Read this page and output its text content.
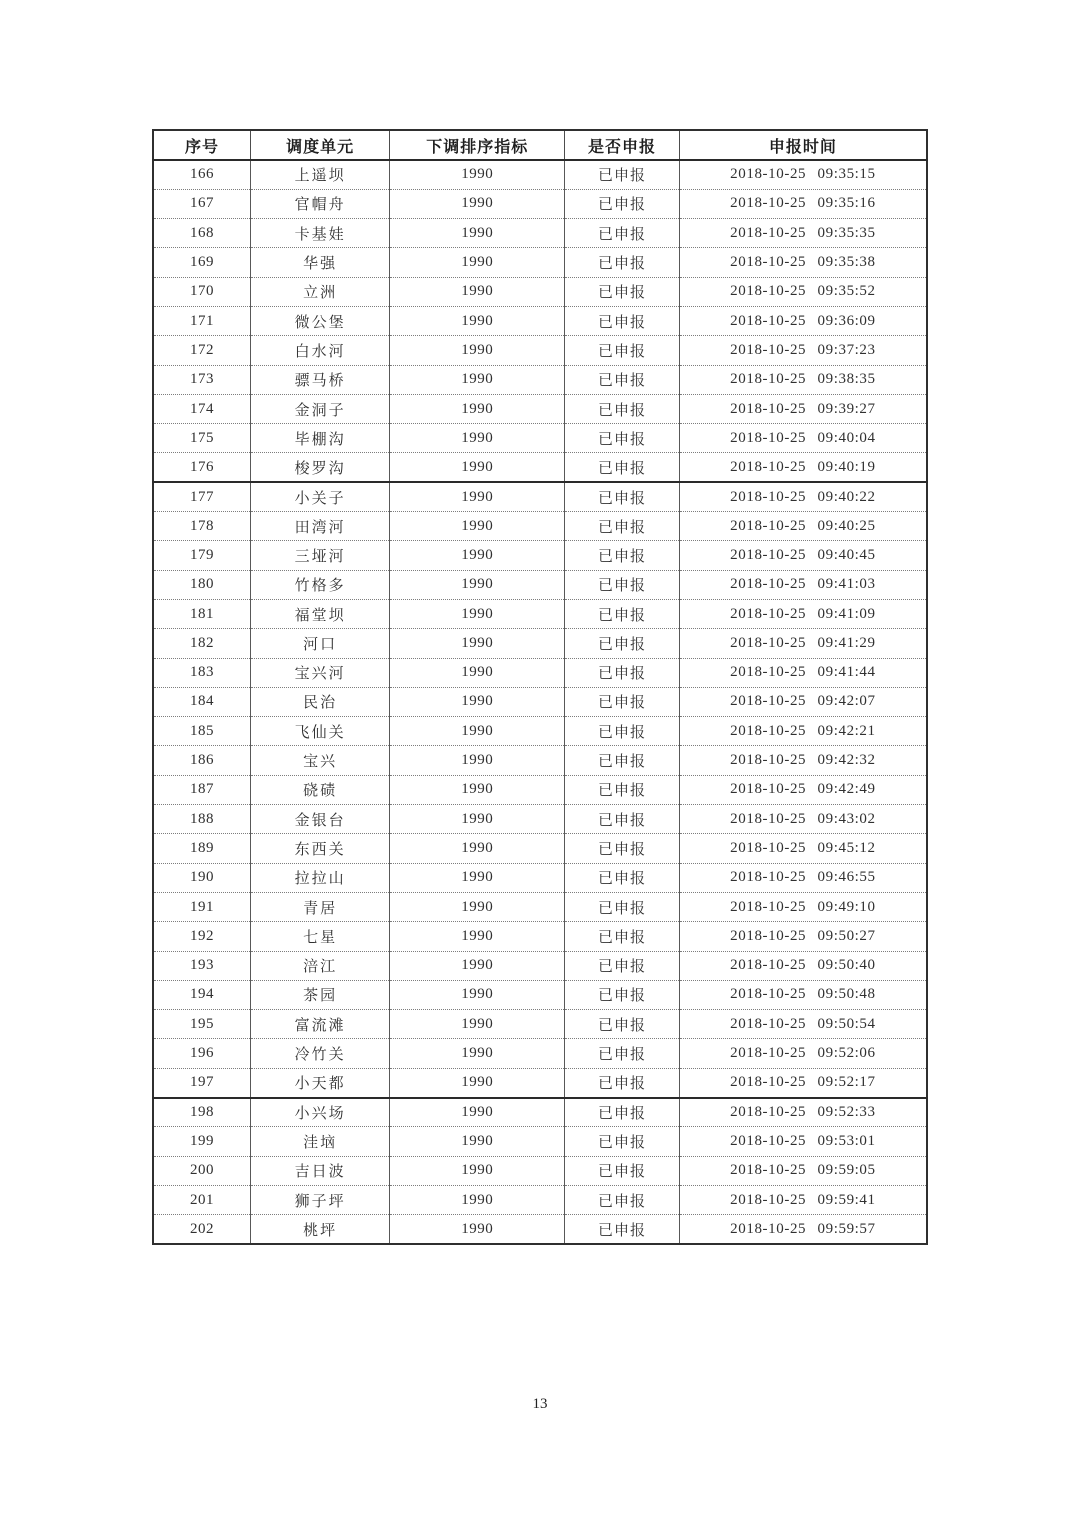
序号	调度单元	下调排序指标	是否申报	申报时间
166	上遥坝	1990	已申报	2018-10-25 09:35:15
167	官帽舟	1990	已申报	2018-10-25 09:35:16
168	卡基娃	1990	已申报	2018-10-25 09:35:35
169	华强	1990	已申报	2018-10-25 09:35:38
170	立洲	1990	已申报	2018-10-25 09:35:52
171	微公堡	1990	已申报	2018-10-25 09:36:09
172	白水河	1990	已申报	2018-10-25 09:37:23
173	骠马桥	1990	已申报	2018-10-25 09:38:35
174	金洞子	1990	已申报	2018-10-25 09:39:27
175	毕棚沟	1990	已申报	2018-10-25 09:40:04
176	梭罗沟	1990	已申报	2018-10-25 09:40:19
177	小关子	1990	已申报	2018-10-25 09:40:22
178	田湾河	1990	已申报	2018-10-25 09:40:25
179	三垭河	1990	已申报	2018-10-25 09:40:45
180	竹格多	1990	已申报	2018-10-25 09:41:03
181	福堂坝	1990	已申报	2018-10-25 09:41:09
182	河口	1990	已申报	2018-10-25 09:41:29
183	宝兴河	1990	已申报	2018-10-25 09:41:44
184	民治	1990	已申报	2018-10-25 09:42:07
185	飞仙关	1990	已申报	2018-10-25 09:42:21
186	宝兴	1990	已申报	2018-10-25 09:42:32
187	硗碛	1990	已申报	2018-10-25 09:42:49
188	金银台	1990	已申报	2018-10-25 09:43:02
189	东西关	1990	已申报	2018-10-25 09:45:12
190	拉拉山	1990	已申报	2018-10-25 09:46:55
191	青居	1990	已申报	2018-10-25 09:49:10
192	七星	1990	已申报	2018-10-25 09:50:27
193	涪江	1990	已申报	2018-10-25 09:50:40
194	茶园	1990	已申报	2018-10-25 09:50:48
195	富流滩	1990	已申报	2018-10-25 09:50:54
196	冷竹关	1990	已申报	2018-10-25 09:52:06
197	小天都	1990	已申报	2018-10-25 09:52:17
198	小兴场	1990	已申报	2018-10-25 09:52:33
199	洼垴	1990	已申报	2018-10-25 09:53:01
200	吉日波	1990	已申报	2018-10-25 09:59:05
201	狮子坪	1990	已申报	2018-10-25 09:59:41
202	桃坪	1990	已申报	2018-10-25 09:59:57
13
